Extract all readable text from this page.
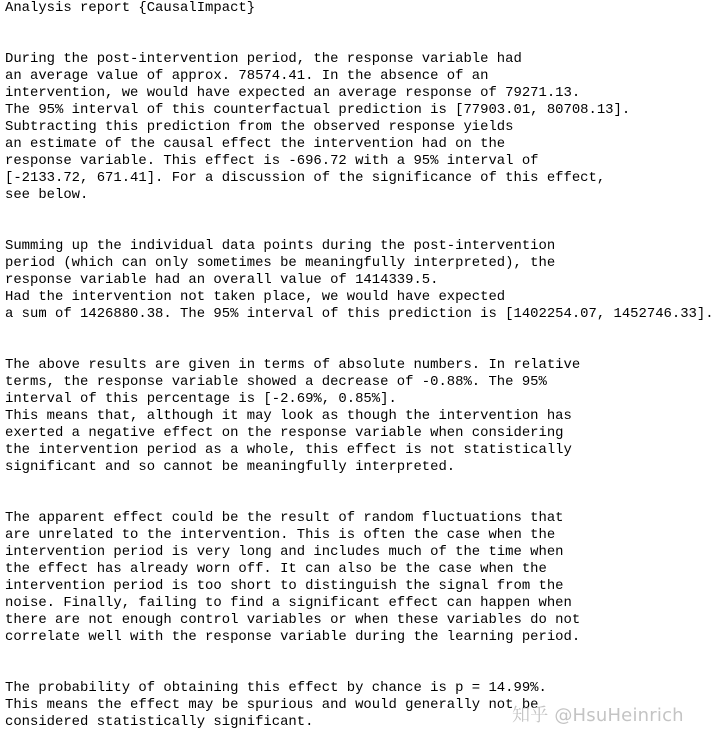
Analysis report {CausalImpact}
During the post-intervention period, the response variable had
an average value of approx. 78574.41. In the absence of an
intervention, we would have expected an average response of 79271.13.
The 95% interval of this counterfactual prediction is [77903.01, 80708.13].
Subtracting this prediction from the observed response yields
an estimate of the causal effect the intervention had on the
response variable. This effect is -696.72 with a 95% interval of
[-2133.72, 671.41]. For a discussion of the significance of this effect,
see below.
Summing up the individual data points during the post-intervention
period (which can only sometimes be meaningfully interpreted), the
response variable had an overall value of 1414339.5.
Had the intervention not taken place, we would have expected
a sum of 1426880.38. The 95% interval of this prediction is [1402254.07, 1452746.33].
The above results are given in terms of absolute numbers. In relative
terms, the response variable showed a decrease of -0.88%. The 95%
interval of this percentage is [-2.69%, 0.85%].
This means that, although it may look as though the intervention has
exerted a negative effect on the response variable when considering
the intervention period as a whole, this effect is not statistically
significant and so cannot be meaningfully interpreted.
The apparent effect could be the result of random fluctuations that
are unrelated to the intervention. This is often the case when the
intervention period is very long and includes much of the time when
the effect has already worn off. It can also be the case when the
intervention period is too short to distinguish the signal from the
noise. Finally, failing to find a significant effect can happen when
there are not enough control variables or when these variables do not
correlate well with the response variable during the learning period.
The probability of obtaining this effect by chance is p = 14.99%.
This means the effect may be spurious and would generally not be
considered statistically significant.	知乎 @HsuHeinrich
